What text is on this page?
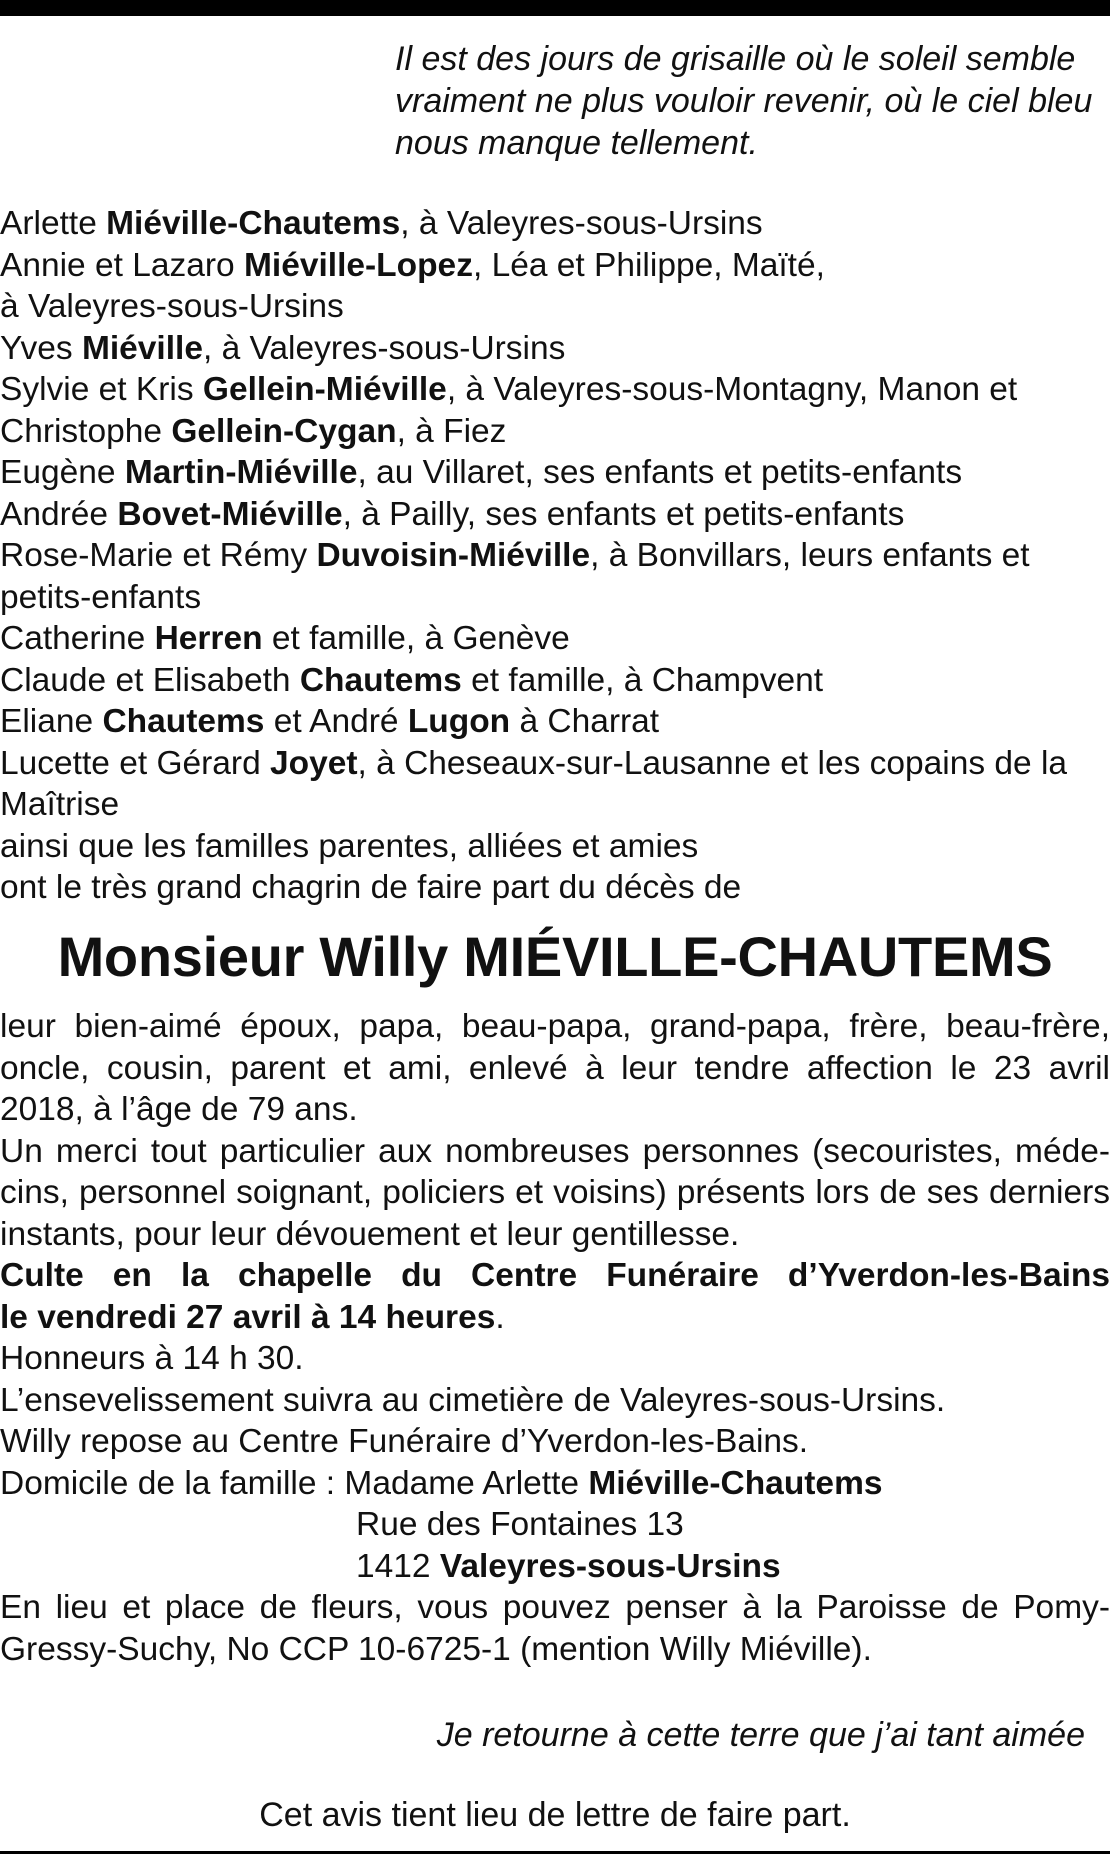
Il est des jours de grisaille où le soleil semble
vraiment ne plus vouloir revenir, où le ciel bleu
nous manque tellement.
Arlette Miéville-Chautems, à Valeyres-sous-Ursins
Annie et Lazaro Miéville-Lopez, Léa et Philippe, Maïté,
à Valeyres-sous-Ursins
Yves Miéville, à Valeyres-sous-Ursins
Sylvie et Kris Gellein-Miéville, à Valeyres-sous-Montagny, Manon et
Christophe Gellein-Cygan, à Fiez
Eugène Martin-Miéville, au Villaret, ses enfants et petits-enfants
Andrée Bovet-Miéville, à Pailly, ses enfants et petits-enfants
Rose-Marie et Rémy Duvoisin-Miéville, à Bonvillars, leurs enfants et
petits-enfants
Catherine Herren et famille, à Genève
Claude et Elisabeth Chautems et famille, à Champvent
Eliane Chautems et André Lugon à Charrat
Lucette et Gérard Joyet, à Cheseaux-sur-Lausanne et les copains de la
Maîtrise
ainsi que les familles parentes, alliées et amies
ont le très grand chagrin de faire part du décès de
Monsieur Willy MIÉVILLE-CHAUTEMS
leur bien-aimé époux, papa, beau-papa, grand-papa, frère, beau-frère,
oncle, cousin, parent et ami, enlevé à leur tendre affection le 23 avril
2018, à l’âge de 79 ans.
Un merci tout particulier aux nombreuses personnes (secouristes, méde-
cins, personnel soignant, policiers et voisins) présents lors de ses derniers
instants, pour leur dévouement et leur gentillesse.
Culte en la chapelle du Centre Funéraire d’Yverdon-les-Bains
le vendredi 27 avril à 14 heures.
Honneurs à 14 h 30.
L’ensevelissement suivra au cimetière de Valeyres-sous-Ursins.
Willy repose au Centre Funéraire d’Yverdon-les-Bains.
Domicile de la famille : Madame Arlette Miéville-Chautems
Rue des Fontaines 13
1412 Valeyres-sous-Ursins
En lieu et place de fleurs, vous pouvez penser à la Paroisse de Pomy-
Gressy-Suchy, No CCP 10-6725-1 (mention Willy Miéville).
Je retourne à cette terre que j’ai tant aimée
Cet avis tient lieu de lettre de faire part.
